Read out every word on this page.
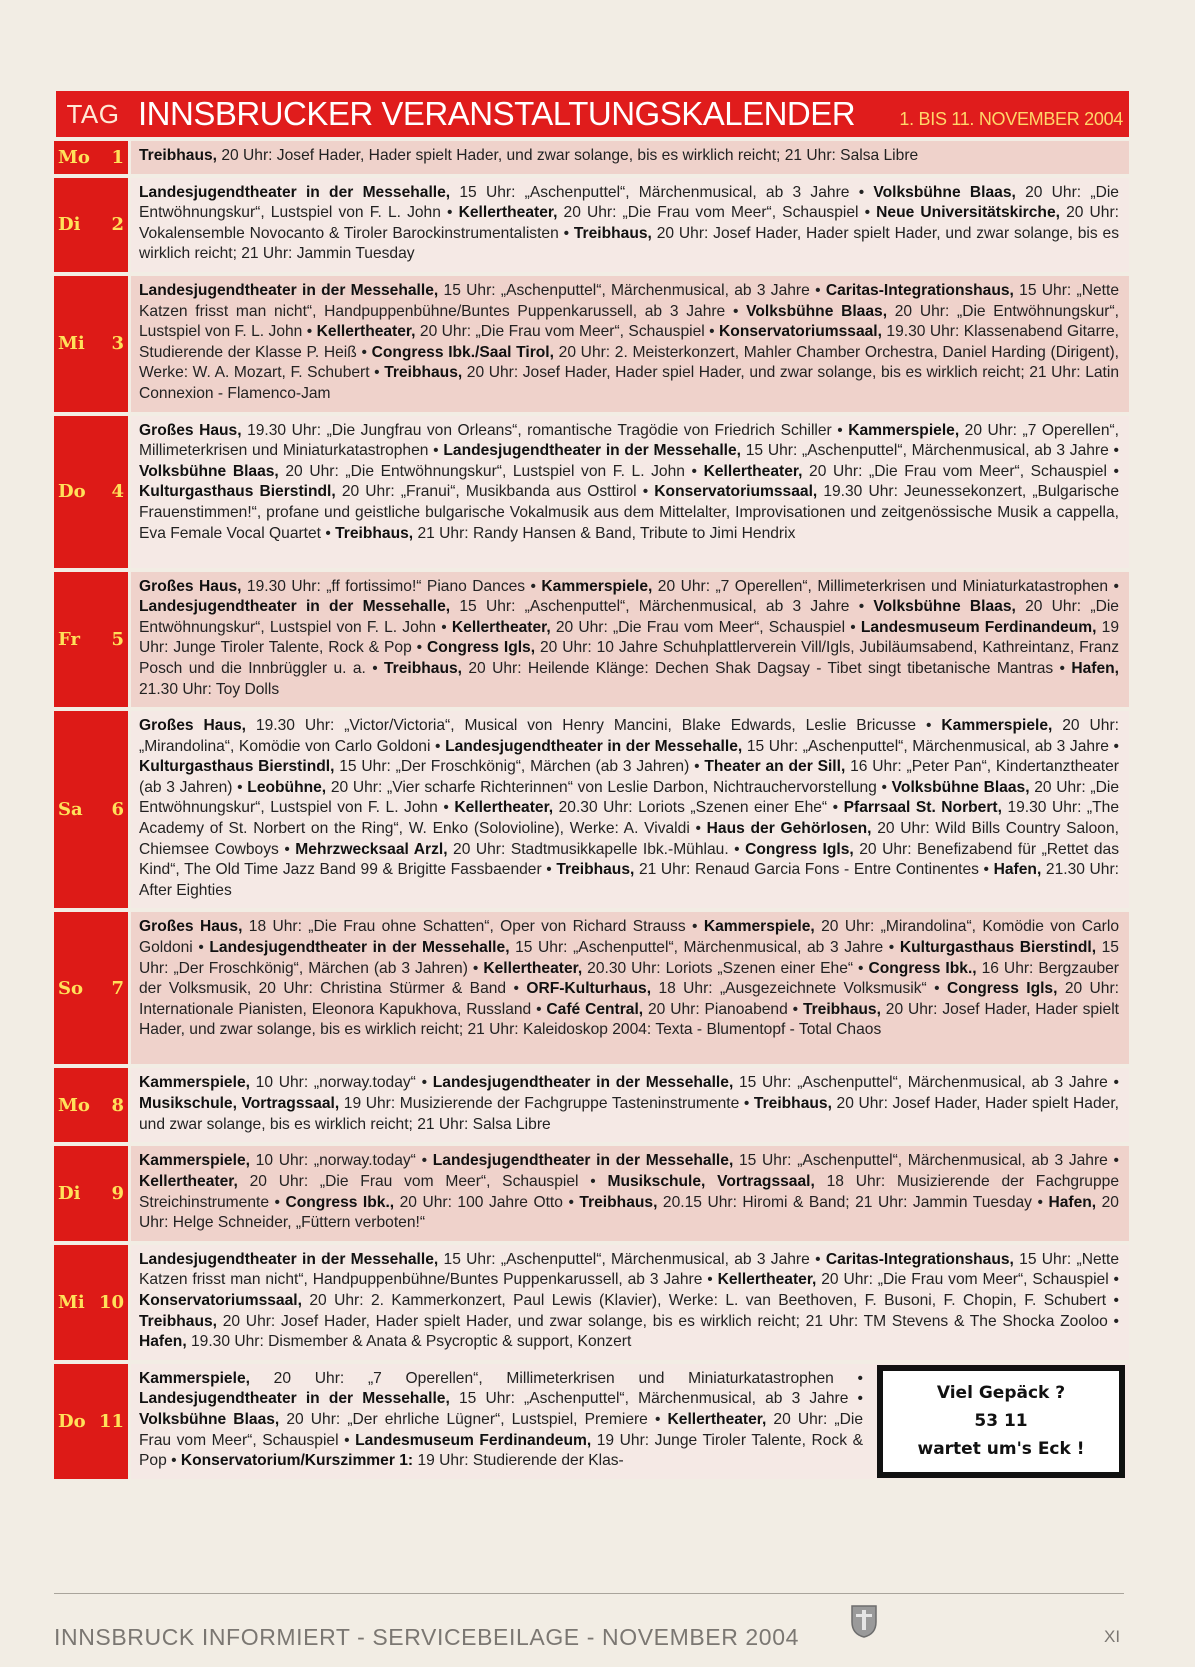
TAG INNSBRUCKER VERANSTALTUNGSKALENDER 1. BIS 11. NOVEMBER 2004
Mo 1 Treibhaus, 20 Uhr: Josef Hader, Hader spielt Hader, und zwar solange, bis es wirklich reicht; 21 Uhr: Salsa Libre
Di 2
Landesjugendtheater in der Messehalle, 15 Uhr: „Aschenputtel“, Märchenmusical, ab 3 Jahre • Volksbühne Blaas, 20 Uhr: „Die Entwöhnungskur“, Lustspiel von F. L. John • Kellertheater, 20 Uhr: „Die Frau vom Meer“, Schauspiel • Neue Universitätskirche, 20 Uhr: Vokalensemble Novocanto & Tiroler Barockinstrumentalisten • Treibhaus, 20 Uhr: Josef Hader, Hader spielt Hader, und zwar solange, bis es wirklich reicht; 21 Uhr: Jammin Tuesday
Mi 3
Landesjugendtheater in der Messehalle, 15 Uhr: „Aschenputtel“, Märchenmusical, ab 3 Jahre • Caritas-Integrationshaus, 15 Uhr: „Nette Katzen frisst man nicht“, Handpuppenbühne/Buntes Puppenkarussell, ab 3 Jahre • Volksbühne Blaas, 20 Uhr: „Die Entwöhnungskur“, Lustspiel von F. L. John • Kellertheater, 20 Uhr: „Die Frau vom Meer“, Schauspiel • Konservatoriumssaal, 19.30 Uhr: Klassenabend Gitarre, Studierende der Klasse P. Heiß • Congress Ibk./Saal Tirol, 20 Uhr: 2. Meisterkonzert, Mahler Chamber Orchestra, Daniel Harding (Dirigent), Werke: W. A. Mozart, F. Schubert • Treibhaus, 20 Uhr: Josef Hader, Hader spiel Hader, und zwar solange, bis es wirklich reicht; 21 Uhr: Latin Connexion - Flamenco-Jam
Do 4
Großes Haus, 19.30 Uhr: „Die Jungfrau von Orleans“, romantische Tragödie von Friedrich Schiller • Kammerspiele, 20 Uhr: „7 Operellen“, Millimeterkrisen und Miniaturkatastrophen • Landesjugendtheater in der Messehalle, 15 Uhr: „Aschenputtel“, Märchenmusical, ab 3 Jahre • Volksbühne Blaas, 20 Uhr: „Die Entwöhnungskur“, Lustspiel von F. L. John • Kellertheater, 20 Uhr: „Die Frau vom Meer“, Schauspiel • Kulturgasthaus Bierstindl, 20 Uhr: „Franui“, Musikbanda aus Osttirol • Konservatoriumssaal, 19.30 Uhr: Jeunessekonzert, „Bulgarische Frauenstimmen!“, profane und geistliche bulgarische Vokalmusik aus dem Mittelalter, Improvisationen und zeitgenössische Musik a cappella, Eva Female Vocal Quartet • Treibhaus, 21 Uhr: Randy Hansen & Band, Tribute to Jimi Hendrix
Fr 5
Großes Haus, 19.30 Uhr: „ff fortissimo!“ Piano Dances • Kammerspiele, 20 Uhr: „7 Operellen“, Millimeterkrisen und Miniaturkatastrophen • Landesjugendtheater in der Messehalle, 15 Uhr: „Aschenputtel“, Märchenmusical, ab 3 Jahre • Volksbühne Blaas, 20 Uhr: „Die Entwöhnungskur“, Lustspiel von F. L. John • Kellertheater, 20 Uhr: „Die Frau vom Meer“, Schauspiel • Landesmuseum Ferdinandeum, 19 Uhr: Junge Tiroler Talente, Rock & Pop • Congress Igls, 20 Uhr: 10 Jahre Schuhplattlerverein Vill/Igls, Jubiläumsabend, Kathreintanz, Franz Posch und die Innbrüggler u. a. • Treibhaus, 20 Uhr: Heilende Klänge: Dechen Shak Dagsay - Tibet singt tibetanische Mantras • Hafen, 21.30 Uhr: Toy Dolls
Sa 6
Großes Haus, 19.30 Uhr: „Victor/Victoria“, Musical von Henry Mancini, Blake Edwards, Leslie Bricusse • Kammerspiele, 20 Uhr: „Mirandolina“, Komödie von Carlo Goldoni • Landesjugendtheater in der Messehalle, 15 Uhr: „Aschenputtel“, Märchenmusical, ab 3 Jahre • Kulturgasthaus Bierstindl, 15 Uhr: „Der Froschkönig“, Märchen (ab 3 Jahren) • Theater an der Sill, 16 Uhr: „Peter Pan“, Kindertanztheater (ab 3 Jahren) • Leobühne, 20 Uhr: „Vier scharfe Richterinnen“ von Leslie Darbon, Nichtrauchervorstellung • Volksbühne Blaas, 20 Uhr: „Die Entwöhnungskur“, Lustspiel von F. L. John • Kellertheater, 20.30 Uhr: Loriots „Szenen einer Ehe“ • Pfarrsaal St. Norbert, 19.30 Uhr: „The Academy of St. Norbert on the Ring“, W. Enko (Solovioline), Werke: A. Vivaldi • Haus der Gehörlosen, 20 Uhr: Wild Bills Country Saloon, Chiemsee Cowboys • Mehrzwecksaal Arzl, 20 Uhr: Stadtmusikkapelle Ibk.-Mühlau. • Congress Igls, 20 Uhr: Benefizabend für „Rettet das Kind“, The Old Time Jazz Band 99 & Brigitte Fassbaender • Treibhaus, 21 Uhr: Renaud Garcia Fons - Entre Continentes • Hafen, 21.30 Uhr: After Eighties
So 7
Großes Haus, 18 Uhr: „Die Frau ohne Schatten“, Oper von Richard Strauss • Kammerspiele, 20 Uhr: „Mirandolina“, Komödie von Carlo Goldoni • Landesjugendtheater in der Messehalle, 15 Uhr: „Aschenputtel“, Märchenmusical, ab 3 Jahre • Kulturgasthaus Bierstindl, 15 Uhr: „Der Froschkönig“, Märchen (ab 3 Jahren) • Kellertheater, 20.30 Uhr: Loriots „Szenen einer Ehe“ • Congress Ibk., 16 Uhr: Bergzauber der Volksmusik, 20 Uhr: Christina Stürmer & Band • ORF-Kulturhaus, 18 Uhr: „Ausgezeichnete Volksmusik“ • Congress Igls, 20 Uhr: Internationale Pianisten, Eleonora Kapukhova, Russland • Café Central, 20 Uhr: Pianoabend • Treibhaus, 20 Uhr: Josef Hader, Hader spielt Hader, und zwar solange, bis es wirklich reicht; 21 Uhr: Kaleidoskop 2004: Texta - Blumentopf - Total Chaos
Mo 8
Kammerspiele, 10 Uhr: „norway.today“ • Landesjugendtheater in der Messehalle, 15 Uhr: „Aschenputtel“, Märchenmusical, ab 3 Jahre • Musikschule, Vortragssaal, 19 Uhr: Musizierende der Fachgruppe Tasteninstrumente • Treibhaus, 20 Uhr: Josef Hader, Hader spielt Hader, und zwar solange, bis es wirklich reicht; 21 Uhr: Salsa Libre
Di 9
Kammerspiele, 10 Uhr: „norway.today“ • Landesjugendtheater in der Messehalle, 15 Uhr: „Aschenputtel“, Märchenmusical, ab 3 Jahre • Kellertheater, 20 Uhr: „Die Frau vom Meer“, Schauspiel • Musikschule, Vortragssaal, 18 Uhr: Musizierende der Fachgruppe Streichinstrumente • Congress Ibk., 20 Uhr: 100 Jahre Otto • Treibhaus, 20.15 Uhr: Hiromi & Band; 21 Uhr: Jammin Tuesday • Hafen, 20 Uhr: Helge Schneider, „Füttern verboten!“
Mi 10
Landesjugendtheater in der Messehalle, 15 Uhr: „Aschenputtel“, Märchenmusical, ab 3 Jahre • Caritas-Integrationshaus, 15 Uhr: „Nette Katzen frisst man nicht“, Handpuppenbühne/Buntes Puppenkarussell, ab 3 Jahre • Kellertheater, 20 Uhr: „Die Frau vom Meer“, Schauspiel • Konservatoriumssaal, 20 Uhr: 2. Kammerkonzert, Paul Lewis (Klavier), Werke: L. van Beethoven, F. Busoni, F. Chopin, F. Schubert • Treibhaus, 20 Uhr: Josef Hader, Hader spielt Hader, und zwar solange, bis es wirklich reicht; 21 Uhr: TM Stevens & The Shocka Zooloo • Hafen, 19.30 Uhr: Dismember & Anata & Psycroptic & support, Konzert
Do 11
Kammerspiele, 20 Uhr: „7 Operellen“, Millimeterkrisen und Miniaturkatastrophen • Landesjugendtheater in der Messehalle, 15 Uhr: „Aschenputtel“, Märchenmusical, ab 3 Jahre • Volksbühne Blaas, 20 Uhr: „Der ehrliche Lügner“, Lustspiel, Premiere • Kellertheater, 20 Uhr: „Die Frau vom Meer“, Schauspiel • Landesmuseum Ferdinandeum, 19 Uhr: Junge Tiroler Talente, Rock & Pop • Konservatorium/Kurszimmer 1: 19 Uhr: Studierende der Klas-
Viel Gepäck ?
53 11
wartet um's Eck !
INNSBRUCK INFORMIERT - SERVICEBEILAGE - NOVEMBER 2004	XI
